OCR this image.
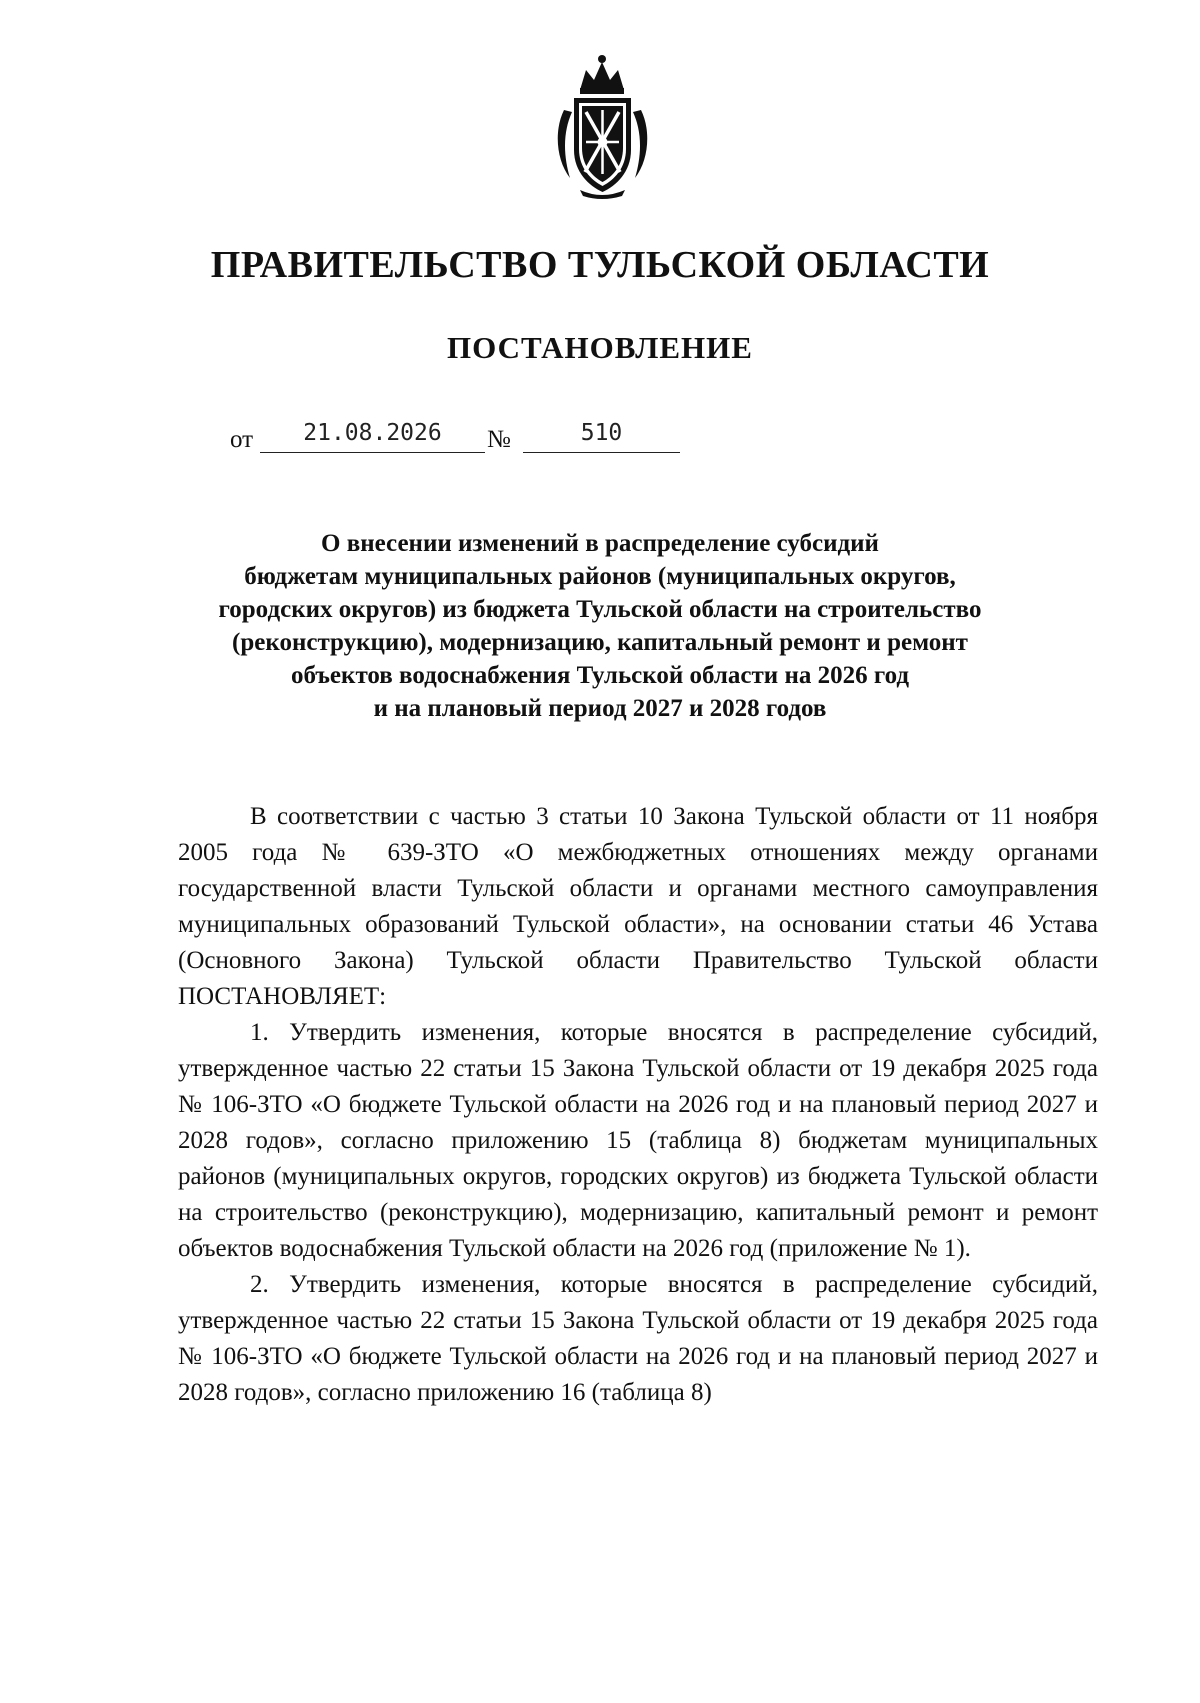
ПРАВИТЕЛЬСТВО ТУЛЬСКОЙ ОБЛАСТИ
ПОСТАНОВЛЕНИЕ
от	21.08.2026	№	510
О внесении изменений в распределение субсидий
бюджетам муниципальных районов (муниципальных округов,
городских округов) из бюджета Тульской области на строительство
(реконструкцию), модернизацию, капитальный ремонт и ремонт
объектов водоснабжения Тульской области на 2026 год
и на плановый период 2027 и 2028 годов

В соответствии с частью 3 статьи 10 Закона Тульской области от 11 ноября 2005 года № 639-ЗТО «О межбюджетных отношениях между органами государственной власти Тульской области и органами местного самоуправления муниципальных образований Тульской области», на основании статьи 46 Устава (Основного Закона) Тульской области Правительство Тульской области ПОСТАНОВЛЯЕТ:

1. Утвердить изменения, которые вносятся в распределение субсидий, утвержденное частью 22 статьи 15 Закона Тульской области от 19 декабря 2025 года № 106-ЗТО «О бюджете Тульской области на 2026 год и на плановый период 2027 и 2028 годов», согласно приложению 15 (таблица 8) бюджетам муниципальных районов (муниципальных округов, городских округов) из бюджета Тульской области на строительство (реконструкцию), модернизацию, капитальный ремонт и ремонт объектов водоснабжения Тульской области на 2026 год (приложение № 1).

2. Утвердить изменения, которые вносятся в распределение субсидий, утвержденное частью 22 статьи 15 Закона Тульской области от 19 декабря 2025 года № 106-ЗТО «О бюджете Тульской области на 2026 год и на плановый период 2027 и 2028 годов», согласно приложению 16 (таблица 8)
